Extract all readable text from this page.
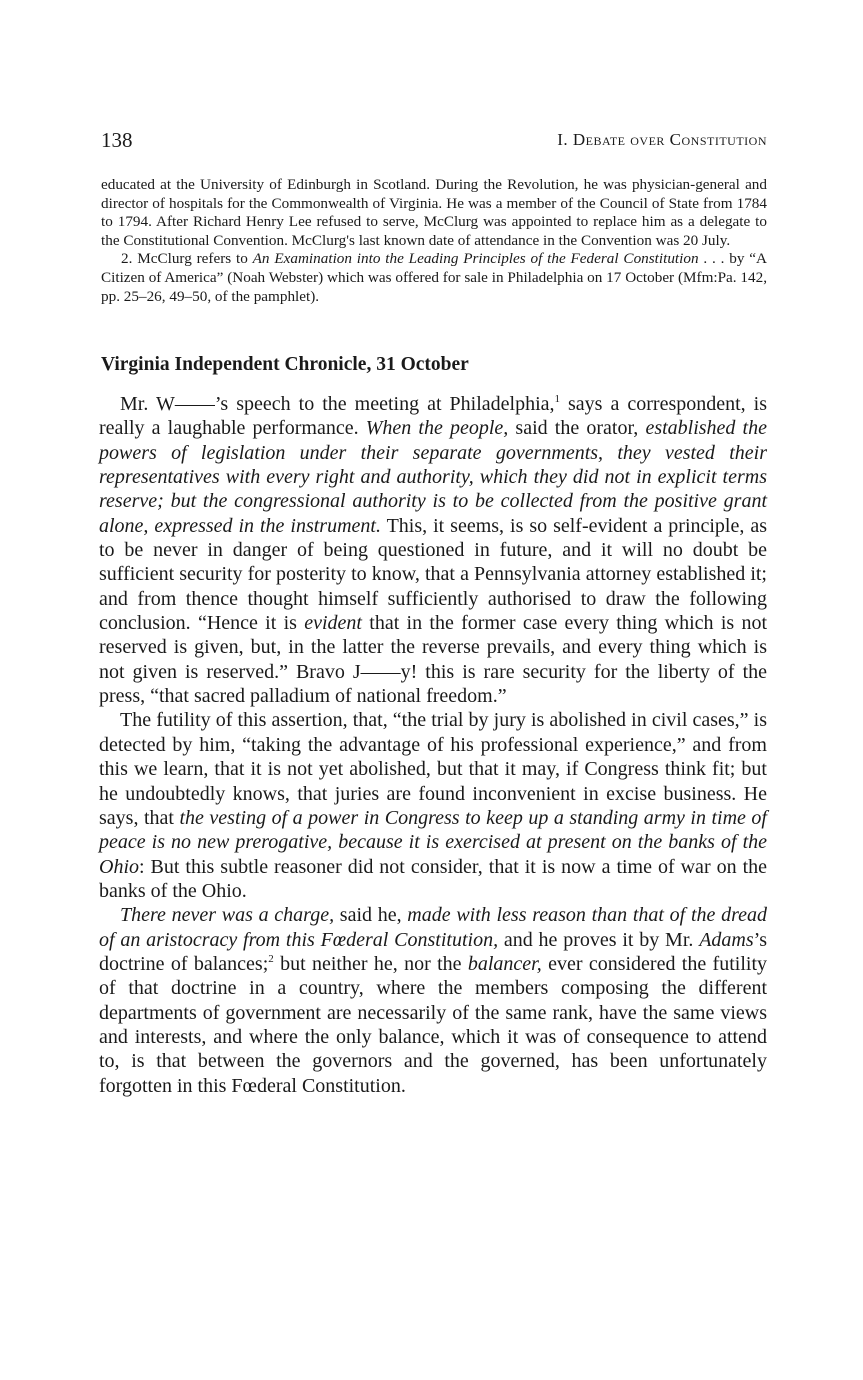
138	I. Debate over Constitution

educated at the University of Edinburgh in Scotland. During the Revolution, he was physician-general and director of hospitals for the Commonwealth of Virginia. He was a member of the Council of State from 1784 to 1794. After Richard Henry Lee refused to serve, McClurg was appointed to replace him as a delegate to the Constitutional Convention. McClurg's last known date of attendance in the Convention was 20 July.

2. McClurg refers to An Examination into the Leading Principles of the Federal Constitution . . . by “A Citizen of America” (Noah Webster) which was offered for sale in Philadelphia on 17 October (Mfm:Pa. 142, pp. 25–26, 49–50, of the pamphlet).

Virginia Independent Chronicle, 31 October

Mr. W——’s speech to the meeting at Philadelphia,$^1$ says a correspondent, is really a laughable performance. When the people, said the orator, established the powers of legislation under their separate governments, they vested their representatives with every right and authority, which they did not in explicit terms reserve; but the congressional authority is to be collected from the positive grant alone, expressed in the instrument. This, it seems, is so self-evident a principle, as to be never in danger of being questioned in future, and it will no doubt be sufficient security for posterity to know, that a Pennsylvania attorney established it; and from thence thought himself sufficiently authorised to draw the following conclusion. “Hence it is evident that in the former case every thing which is not reserved is given, but, in the latter the reverse prevails, and every thing which is not given is reserved.” Bravo J——y! this is rare security for the liberty of the press, “that sacred palladium of national freedom.”

The futility of this assertion, that, “the trial by jury is abolished in civil cases,” is detected by him, “taking the advantage of his professional experience,” and from this we learn, that it is not yet abolished, but that it may, if Congress think fit; but he undoubtedly knows, that juries are found inconvenient in excise business. He says, that the vesting of a power in Congress to keep up a standing army in time of peace is no new prerogative, because it is exercised at present on the banks of the Ohio: But this subtle reasoner did not consider, that it is now a time of war on the banks of the Ohio.

There never was a charge, said he, made with less reason than that of the dread of an aristocracy from this Fœderal Constitution, and he proves it by Mr. Adams’s doctrine of balances;$^2$ but neither he, nor the balancer, ever considered the futility of that doctrine in a country, where the members composing the different departments of government are necessarily of the same rank, have the same views and interests, and where the only balance, which it was of consequence to attend to, is that between the governors and the governed, has been unfortunately forgotten in this Fœderal Constitution.
